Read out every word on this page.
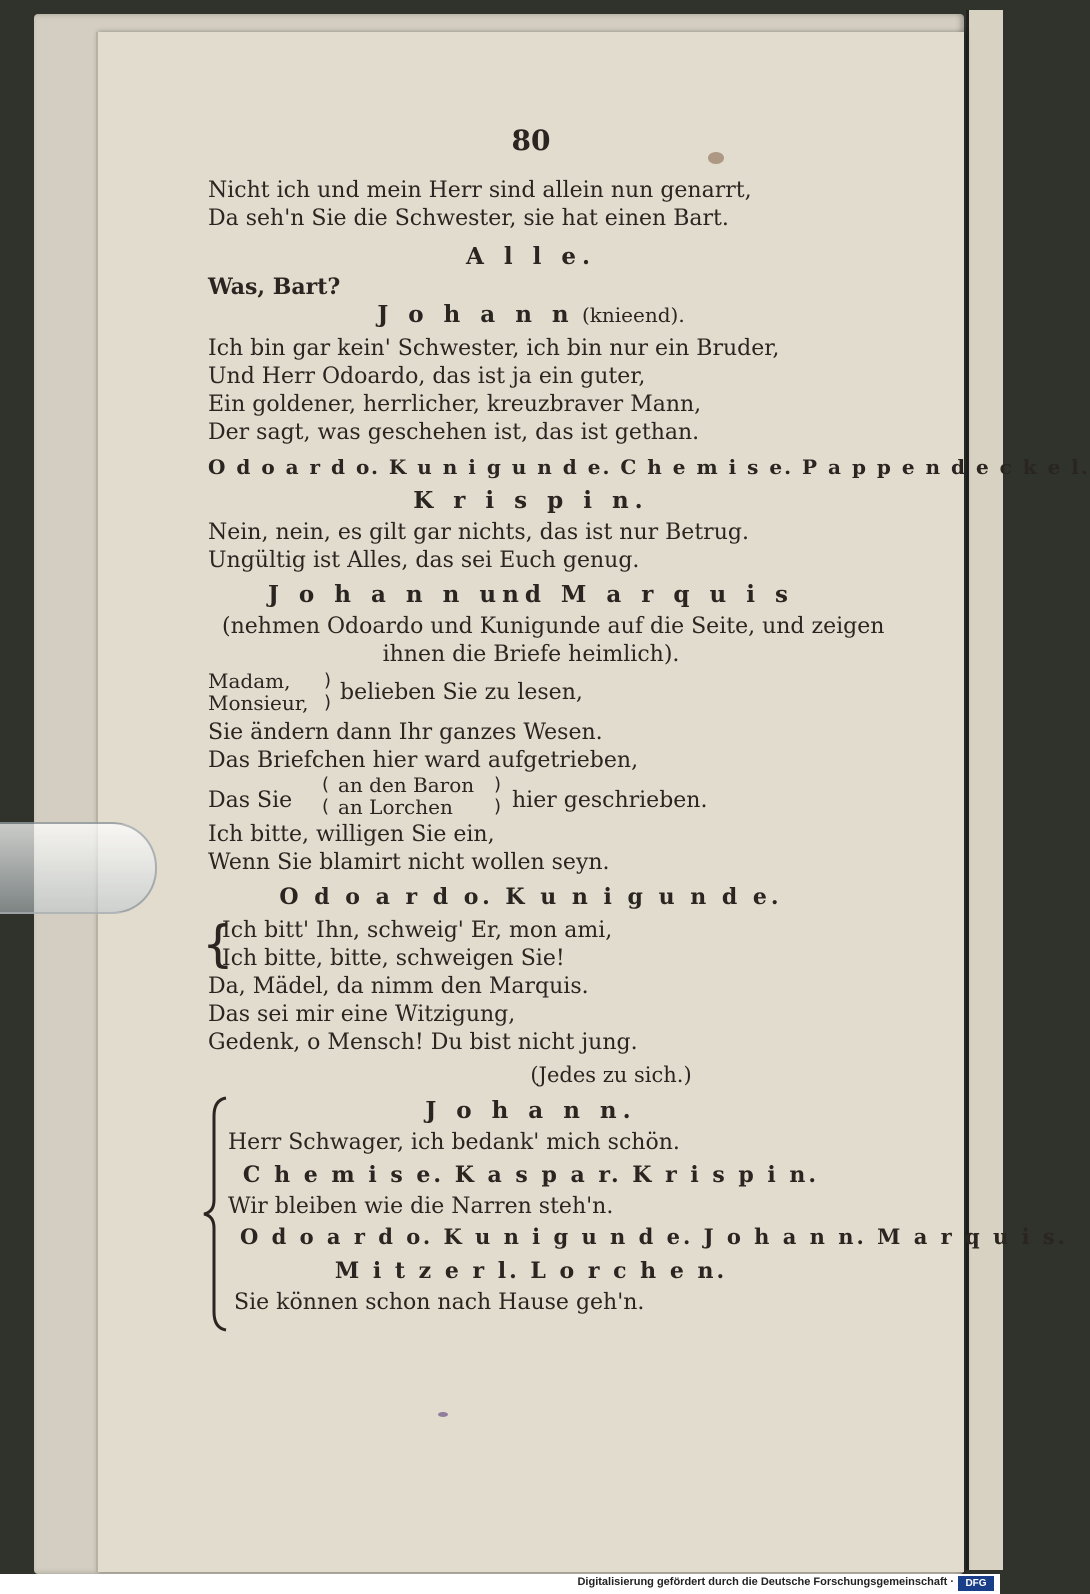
80
Nicht ich und mein Herr sind allein nun genarrt,
Da seh'n Sie die Schwester, sie hat einen Bart.
A l l e.
Was, Bart?
J o h a n n (knieend).
Ich bin gar kein' Schwester, ich bin nur ein Bruder,
Und Herr Odoardo, das ist ja ein guter,
Ein goldener, herrlicher, kreuzbraver Mann,
Der sagt, was geschehen ist, das ist gethan.
O d o a r d o. K u n i g u n d e. C h e m i s e. P a p p e n d e c k e l.
K r i s p i n.
Nein, nein, es gilt gar nichts, das ist nur Betrug.
Ungültig ist Alles, das sei Euch genug.
J o h a n n und M a r q u i s
(nehmen Odoardo und Kunigunde auf die Seite, und zeigen
ihnen die Briefe heimlich).
Madam,
Monsieur,
)
) belieben Sie zu lesen,
Sie ändern dann Ihr ganzes Wesen.
Das Briefchen hier ward aufgetrieben,
Das Sie
(
(
an den Baron
an Lorchen
)
) hier geschrieben.
Ich bitte, willigen Sie ein,
Wenn Sie blamirt nicht wollen seyn.
O d o a r d o. K u n i g u n d e.
{
Ich bitt' Ihn, schweig' Er, mon ami,
Ich bitte, bitte, schweigen Sie!
Da, Mädel, da nimm den Marquis.
Das sei mir eine Witzigung,
Gedenk, o Mensch! Du bist nicht jung.
(Jedes zu sich.)
J o h a n n.
Herr Schwager, ich bedank' mich schön.
C h e m i s e. K a s p a r. K r i s p i n.
Wir bleiben wie die Narren steh'n.
O d o a r d o. K u n i g u n d e. J o h a n n. M a r q u i s.
M i t z e r l. L o r c h e n.
Sie können schon nach Hause geh'n.
Digitalisierung gefördert durch die Deutsche Forschungsgemeinschaft ·	DFG
